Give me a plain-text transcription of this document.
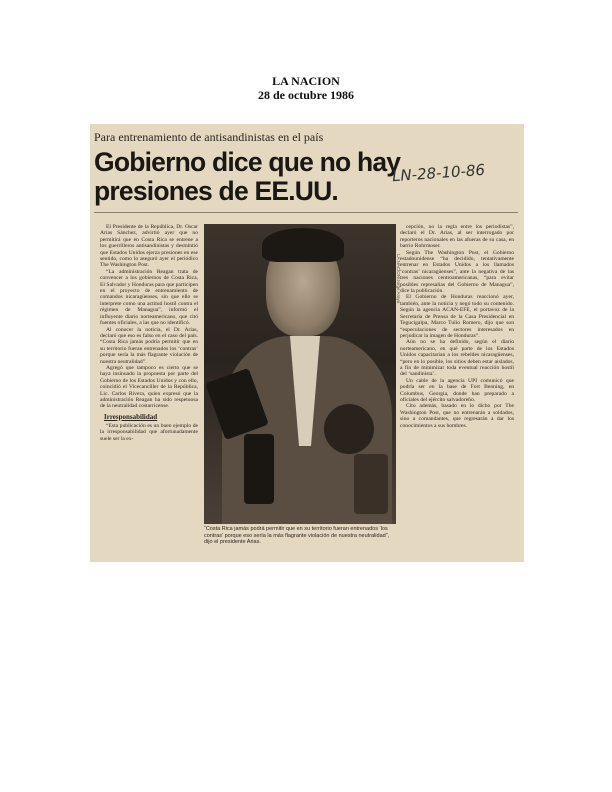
LA NACION
28 de octubre 1986
Para entrenamiento de antisandinistas en el país
Gobierno dice que no hay presiones de EE.UU.
LN-28-10-86

El Presidente de la República, Dr. Oscar Arias Sánchez, advirtió ayer que no permitirá que en Costa Rica se entrene a los guerrilleros antisandinistas y desmintió que Estados Unidos ejerza presiones en ese sentido, como lo aseguró ayer el periódico The Washington Post.

“La administración Reagan trata de convencer a los gobiernos de Costa Rica, El Salvador y Honduras para que participen en el proyecto de entrenamiento de comandos nicaragüenses, sin que ello se interprete como una actitud hostil contra el régimen de Managua”, informó el influyente diario norteamericano, que citó fuentes oficiales, a las que no identificó.

Al conocer la noticia, el Dr. Arias, declaró que eso es falso en el caso del país. “Costa Rica jamás podría permitir que en su territorio fueran entrenados los ‘contras’ porque sería la más flagrante violación de nuestra neutralidad”.

Agregó que tampoco es cierto que se haya insinuado la propuesta por parte del Gobierno de los Estados Unidos y con ello, coincidió el Vicecanciller de la República, Lic. Carlos Rivera, quien expresó que la administración Reagan ha sido respetuosa de la neutralidad costarricense.

Irresponsabilidad

“Esta publicación es un buen ejemplo de la irresponsabilidad que afortunadamente suele ser la ex-

LA NACION/Jorge Araya
“Costa Rica jamás podrá permitir que en su territorio fueran entrenados ‘los contras’ porque eso sería la más flagrante violación de nuestra neutralidad”, dijo el presidente Arias.

cepción, no la regla entre los periodistas”, declaró el Dr. Arias, al ser interrogado por reporteros nacionales en las afueras de su casa, en barrio Rohrmoser.

Según The Washington Post, el Gobierno estadounidense “ha decidido, tentativamente entrenar en Estados Unidos a los llamados ‘contras’ nicaragüenses”, ante la negativa de las tres naciones centroamericanas, “para evitar posibles represalias del Gobierno de Managua”, dice la publicación.

El Gobierno de Honduras reaccionó ayer, también, ante la noticia y negó todo su contenido. Según la agencia ACAN-EFE, el portavoz de la Secretaría de Prensa de la Casa Presidencial en Tegucigalpa, Marco Tulio Romero, dijo que son “especulaciones de sectores interesados en perjudicar la imagen de Honduras”.

Aún no se ha definido, según el diario norteamericano, en qué parte de los Estados Unidos capacitarían a los rebeldes nicaragüenses, “pero en lo posible, los sitios deben estar aislados, a fin de minimizar toda eventual reacción hostil del ‘sandinista’.

Un cable de la agencia UPI comunicó que podría ser en la base de Fort Benning, en Columbus, Georgia, donde han preparado a oficiales del ejército salvadoreño.

Cito además, basado en lo dicho por The Washington Post, que no entrenarán a soldados, sino a comandantes, que regresarán a dar los conocimientos a sus hombres.
